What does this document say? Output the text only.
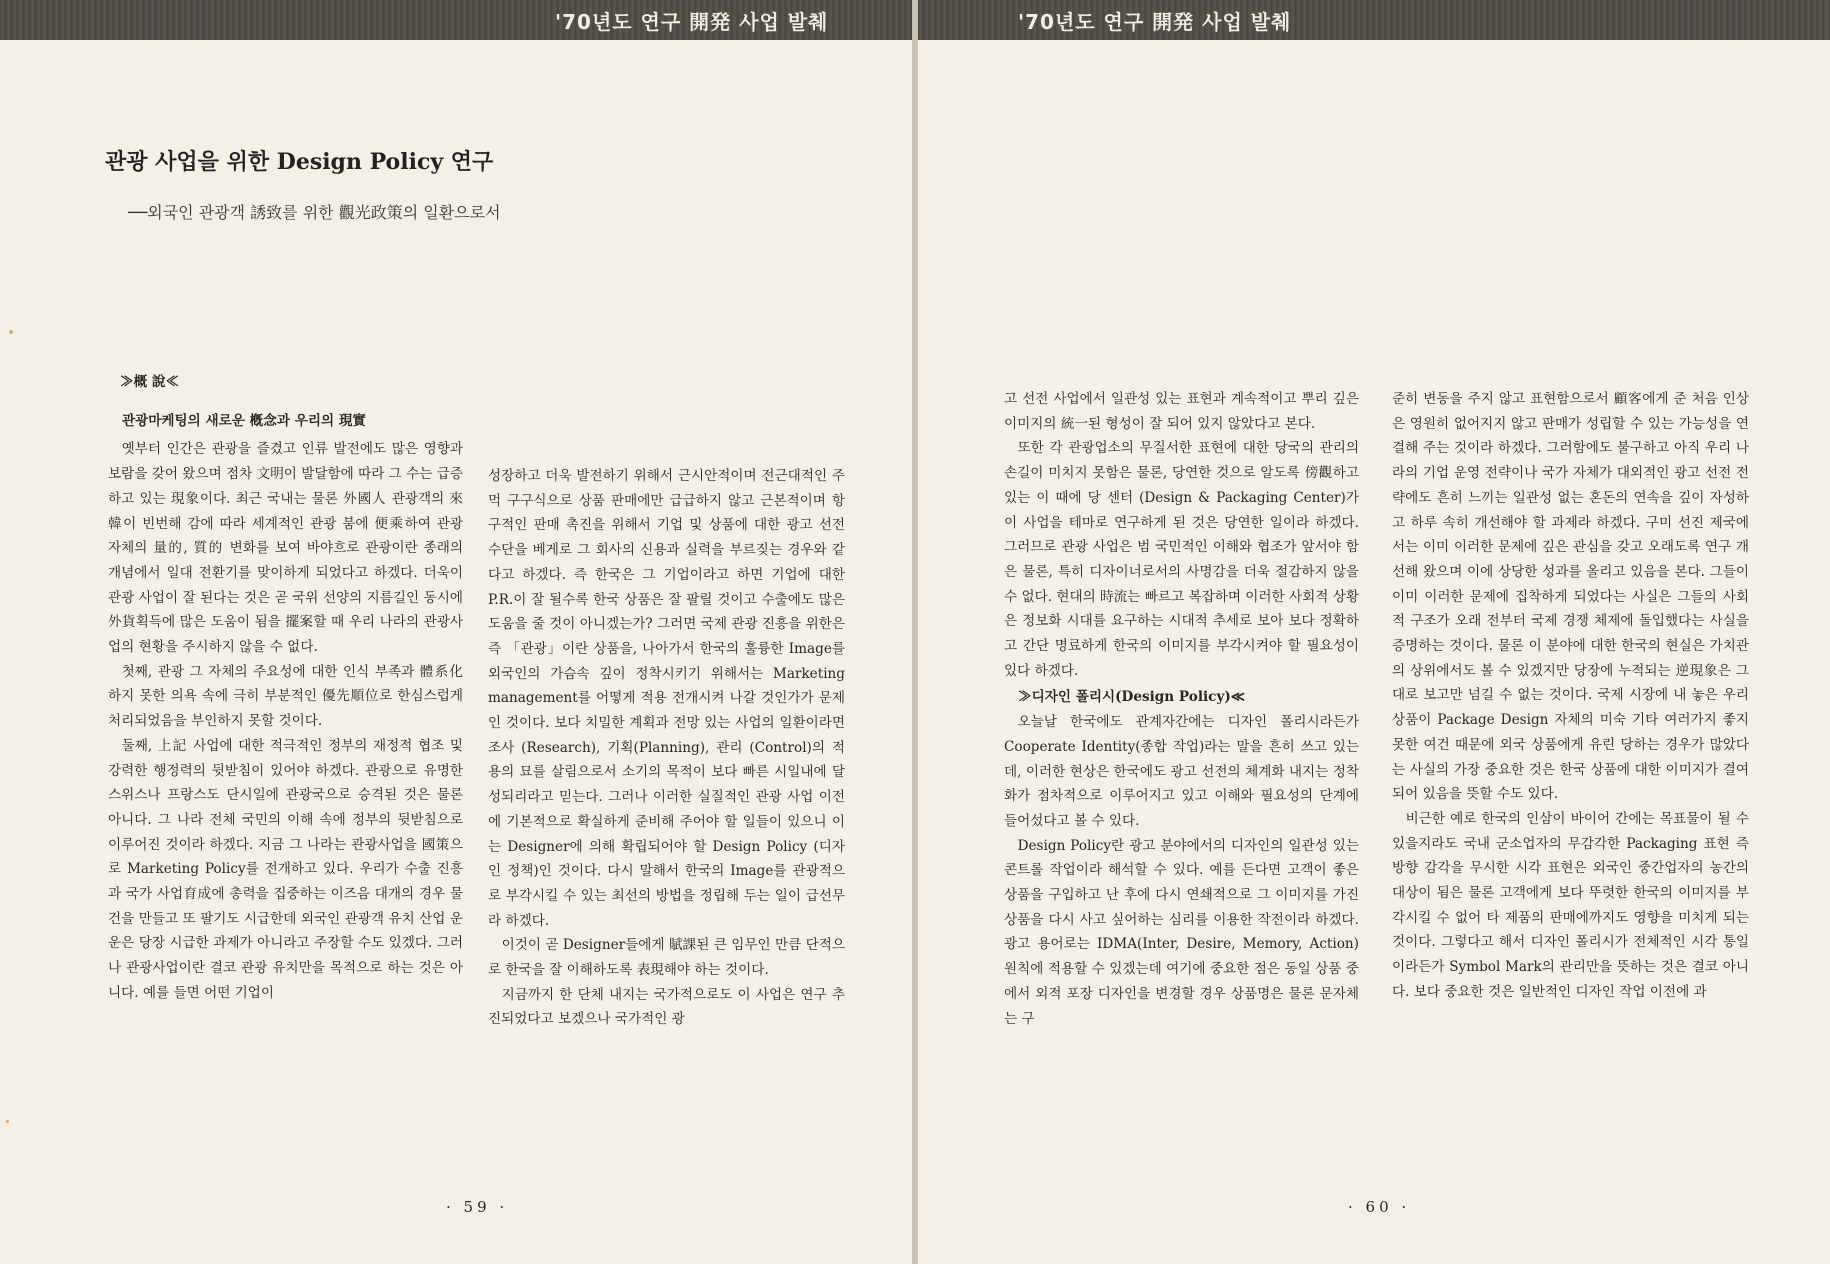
'70년도 연구 開発 사업 발췌
관광 사업을 위한 Design Policy 연구
──외국인 관광객 誘致를 위한 觀光政策의 일환으로서
≫概 說≪
관광마케팅의 새로운 槪念과 우리의 現實

옛부터 인간은 관광을 즐겼고 인류 발전에도 많은 영향과 보람을 갖어 왔으며 점차 文明이 발달함에 따라 그 수는 급증하고 있는 現象이다. 최근 국내는 물론 外國人 관광객의 來韓이 빈번해 감에 따라 세계적인 관광 붐에 便乘하여 관광 자체의 量的, 質的 변화를 보여 바야흐로 관광이란 종래의 개념에서 일대 전환기를 맞이하게 되었다고 하겠다. 더욱이 관광 사업이 잘 된다는 것은 곧 국위 선양의 지름길인 동시에 外貨획득에 많은 도움이 됨을 擺案할 때 우리 나라의 관광사업의 현황을 주시하지 않을 수 없다.

첫째, 관광 그 자체의 주요성에 대한 인식 부족과 體系化하지 못한 의욕 속에 극히 부분적인 優先順位로 한심스럽게 처리되었음을 부인하지 못할 것이다.

둘째, 上記 사업에 대한 적극적인 정부의 재정적 협조 및 강력한 행정력의 뒷받침이 있어야 하겠다. 관광으로 유명한 스위스나 프랑스도 단시일에 관광국으로 승격된 것은 물론 아니다. 그 나라 전체 국민의 이해 속에 정부의 뒷받침으로 이루어진 것이라 하겠다. 지금 그 나라는 관광사업을 國策으로 Marketing Policy를 전개하고 있다. 우리가 수출 진흥과 국가 사업育成에 총력을 집중하는 이즈음 대개의 경우 물건을 만들고 또 팔기도 시급한데 외국인 관광객 유치 산업 운운은 당장 시급한 과제가 아니라고 주장할 수도 있겠다. 그러나 관광사업이란 결코 관광 유치만을 목적으로 하는 것은 아니다. 예를 들면 어떤 기업이

성장하고 더욱 발전하기 위해서 근시안적이며 전근대적인 주먹 구구식으로 상품 판매에만 급급하지 않고 근본적이며 항구적인 판매 촉진을 위해서 기업 및 상품에 대한 광고 선전 수단을 베게로 그 회사의 신용과 실력을 부르짖는 경우와 같다고 하겠다. 즉 한국은 그 기업이라고 하면 기업에 대한 P.R.이 잘 될수록 한국 상품은 잘 팔릴 것이고 수출에도 많은 도움을 줄 것이 아니겠는가? 그러면 국제 관광 진흥을 위한은 즉 「관광」이란 상품을, 나아가서 한국의 훌륭한 Image를 외국인의 가슴속 깊이 정착시키기 위해서는 Marketing management를 어떻게 적용 전개시켜 나갈 것인가가 문제인 것이다. 보다 치밀한 계획과 전망 있는 사업의 일환이라면 조사 (Research), 기획(Planning), 관리 (Control)의 적용의 묘를 살림으로서 소기의 목적이 보다 빠른 시일내에 달성되리라고 믿는다. 그러나 이러한 실질적인 관광 사업 이전에 기본적으로 확실하게 준비해 주어야 할 일들이 있으니 이는 Designer에 의해 확립되어야 할 Design Policy (디자인 정책)인 것이다. 다시 말해서 한국의 Image를 관광적으로 부각시킬 수 있는 최선의 방법을 정립해 두는 일이 급선무라 하겠다.

이것이 곧 Designer들에게 賦課된 큰 임무인 만큼 단적으로 한국을 잘 이해하도록 表現해야 하는 것이다.

지금까지 한 단체 내지는 국가적으로도 이 사업은 연구 추진되었다고 보겠으나 국가적인 광

· 59 ·
'70년도 연구 開発 사업 발췌

고 선전 사업에서 일관성 있는 표현과 계속적이고 뿌리 깊은 이미지의 統一된 형성이 잘 되어 있지 않았다고 본다.

또한 각 관광업소의 무질서한 표현에 대한 당국의 관리의 손길이 미치지 못함은 물론, 당연한 것으로 알도록 傍觀하고 있는 이 때에 당 센터 (Design & Packaging Center)가 이 사업을 테마로 연구하게 된 것은 당연한 일이라 하겠다. 그러므로 관광 사업은 범 국민적인 이해와 협조가 앞서야 함은 물론, 특히 디자이너로서의 사명감을 더욱 절감하지 않을 수 없다. 현대의 時流는 빠르고 복잡하며 이러한 사회적 상황은 정보화 시대를 요구하는 시대적 추세로 보아 보다 정확하고 간단 명료하게 한국의 이미지를 부각시켜야 할 필요성이 있다 하겠다.

≫디자인 폴리시(Design Policy)≪

오늘날 한국에도 관계자간에는 디자인 폴리시라든가 Cooperate Identity(종합 작업)라는 말을 흔히 쓰고 있는데, 이러한 현상은 한국에도 광고 선전의 체계화 내지는 정착화가 점차적으로 이루어지고 있고 이해와 필요성의 단계에 들어섰다고 볼 수 있다.

Design Policy란 광고 분야에서의 디자인의 일관성 있는 콘트롤 작업이라 해석할 수 있다. 예를 든다면 고객이 좋은 상품을 구입하고 난 후에 다시 연쇄적으로 그 이미지를 가진 상품을 다시 사고 싶어하는 심리를 이용한 작전이라 하겠다. 광고 용어로는 IDMA(Inter, Desire, Memory, Action) 원칙에 적용할 수 있겠는데 여기에 중요한 점은 동일 상품 중에서 외적 포장 디자인을 변경할 경우 상품명은 물론 문자체는 구

준히 변동을 주지 않고 표현함으로서 顧客에게 준 처음 인상은 영원히 없어지지 않고 판매가 성립할 수 있는 가능성을 연결해 주는 것이라 하겠다. 그러함에도 불구하고 아직 우리 나라의 기업 운영 전략이나 국가 자체가 대외적인 광고 선전 전략에도 흔히 느끼는 일관성 없는 혼돈의 연속을 깊이 자성하고 하루 속히 개선해야 할 과제라 하겠다. 구미 선진 제국에서는 이미 이러한 문제에 깊은 관심을 갖고 오래도록 연구 개선해 왔으며 이에 상당한 성과를 올리고 있음을 본다. 그들이 이미 이러한 문제에 집착하게 되었다는 사실은 그들의 사회적 구조가 오래 전부터 국제 경쟁 체제에 돌입했다는 사실을 증명하는 것이다. 물론 이 분야에 대한 한국의 현실은 가치관의 상위에서도 볼 수 있겠지만 당장에 누적되는 逆現象은 그대로 보고만 넘길 수 없는 것이다. 국제 시장에 내 놓은 우리 상품이 Package Design 자체의 미숙 기타 여러가지 좋지 못한 여건 때문에 외국 상품에게 유린 당하는 경우가 많았다는 사실의 가장 중요한 것은 한국 상품에 대한 이미지가 결여되어 있음을 뜻할 수도 있다.

비근한 예로 한국의 인삼이 바이어 간에는 목표물이 될 수 있을지라도 국내 군소업자의 무감각한 Packaging 표현 즉 방향 감각을 무시한 시각 표현은 외국인 중간업자의 농간의 대상이 됨은 물론 고객에게 보다 뚜렷한 한국의 이미지를 부각시킬 수 없어 타 제품의 판매에까지도 영향을 미치게 되는 것이다. 그렇다고 해서 디자인 폴리시가 전체적인 시각 통일이라든가 Symbol Mark의 관리만을 뜻하는 것은 결코 아니다. 보다 중요한 것은 일반적인 디자인 작업 이전에 과

· 60 ·
